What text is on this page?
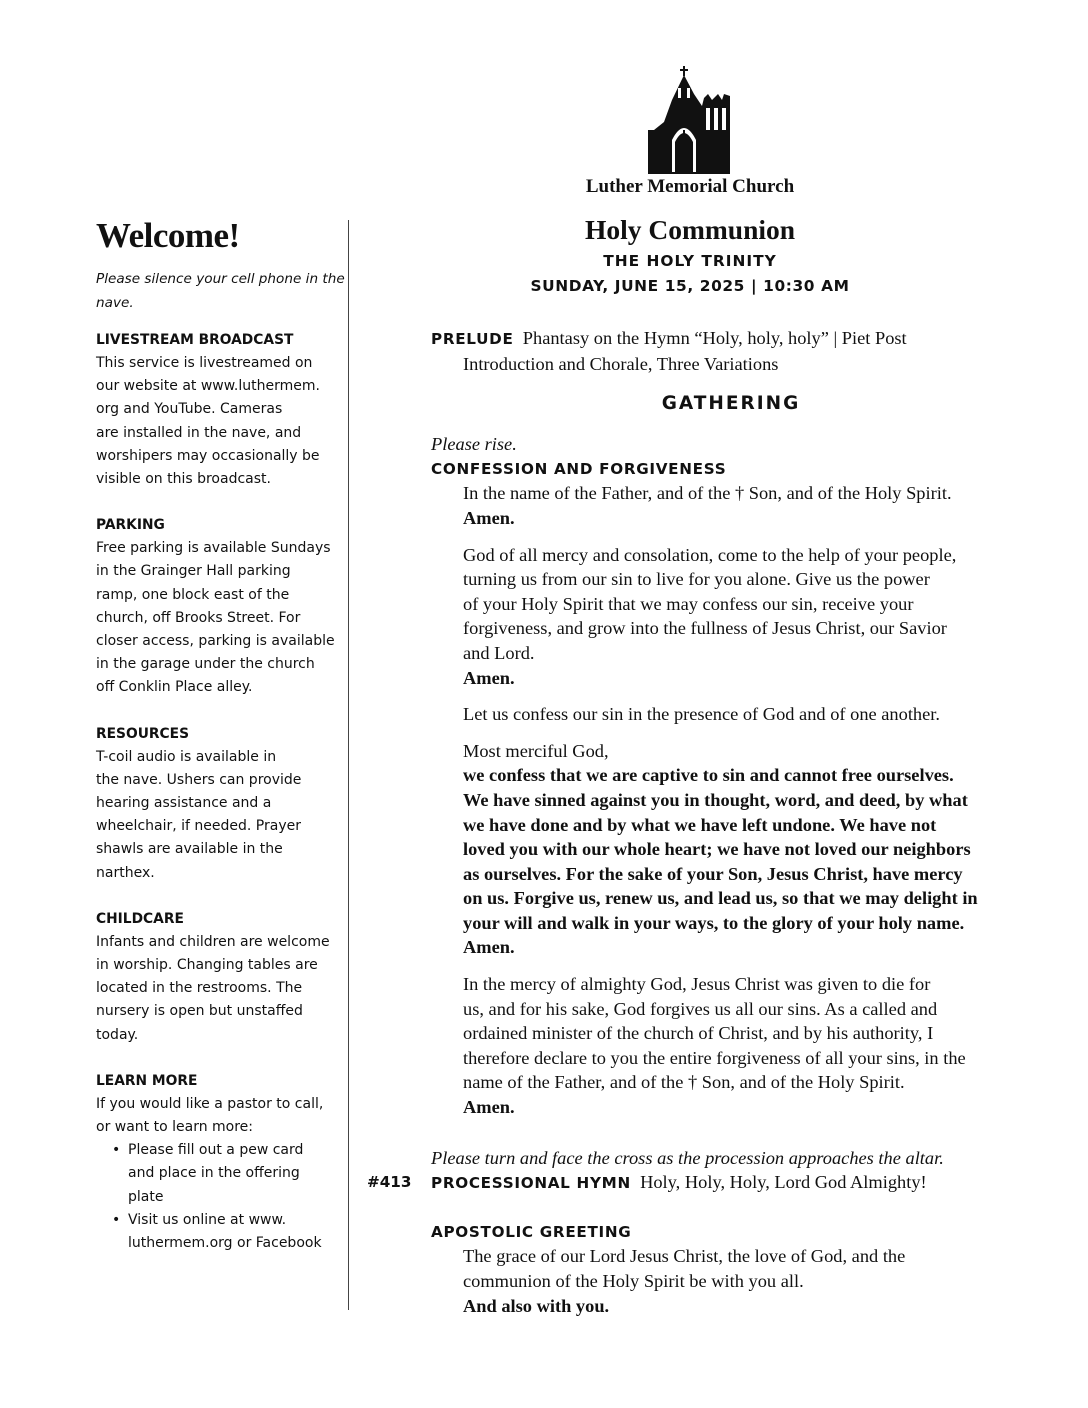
Luther Memorial Church
Holy Communion
THE HOLY TRINITY
SUNDAY, JUNE 15, 2025 | 10:30 AM
Welcome!
Please silence your cell phone in the
nave.
LIVESTREAM BROADCAST
This service is livestreamed on
our website at www.luthermem.
org and YouTube. Cameras
are installed in the nave, and
worshipers may occasionally be
visible on this broadcast.
PARKING
Free parking is available Sundays
in the Grainger Hall parking
ramp, one block east of the
church, off Brooks Street. For
closer access, parking is available
in the garage under the church
off Conklin Place alley.
RESOURCES
T-coil audio is available in
the nave. Ushers can provide
hearing assistance and a
wheelchair, if needed. Prayer
shawls are available in the
narthex.
CHILDCARE
Infants and children are welcome
in worship. Changing tables are
located in the restrooms. The
nursery is open but unstaffed
today.
LEARN MORE
If you would like a pastor to call,
or want to learn more:
• Please fill out a pew card
and place in the offering
plate
• Visit us online at www.
luthermem.org or Facebook
PRELUDE Phantasy on the Hymn “Holy, holy, holy” | Piet Post
Introduction and Chorale, Three Variations
GATHERING
Please rise.
CONFESSION AND FORGIVENESS
In the name of the Father, and of the † Son, and of the Holy Spirit.
Amen.
God of all mercy and consolation, come to the help of your people,
turning us from our sin to live for you alone. Give us the power
of your Holy Spirit that we may confess our sin, receive your
forgiveness, and grow into the fullness of Jesus Christ, our Savior
and Lord.
Amen.
Let us confess our sin in the presence of God and of one another.
Most merciful God,
we confess that we are captive to sin and cannot free ourselves.
We have sinned against you in thought, word, and deed, by what
we have done and by what we have left undone. We have not
loved you with our whole heart; we have not loved our neighbors
as ourselves. For the sake of your Son, Jesus Christ, have mercy
on us. Forgive us, renew us, and lead us, so that we may delight in
your will and walk in your ways, to the glory of your holy name.
Amen.
In the mercy of almighty God, Jesus Christ was given to die for
us, and for his sake, God forgives us all our sins. As a called and
ordained minister of the church of Christ, and by his authority, I
therefore declare to you the entire forgiveness of all your sins, in the
name of the Father, and of the † Son, and of the Holy Spirit.
Amen.
Please turn and face the cross as the procession approaches the altar.
#413 PROCESSIONAL HYMN Holy, Holy, Holy, Lord God Almighty!
APOSTOLIC GREETING
The grace of our Lord Jesus Christ, the love of God, and the
communion of the Holy Spirit be with you all.
And also with you.
